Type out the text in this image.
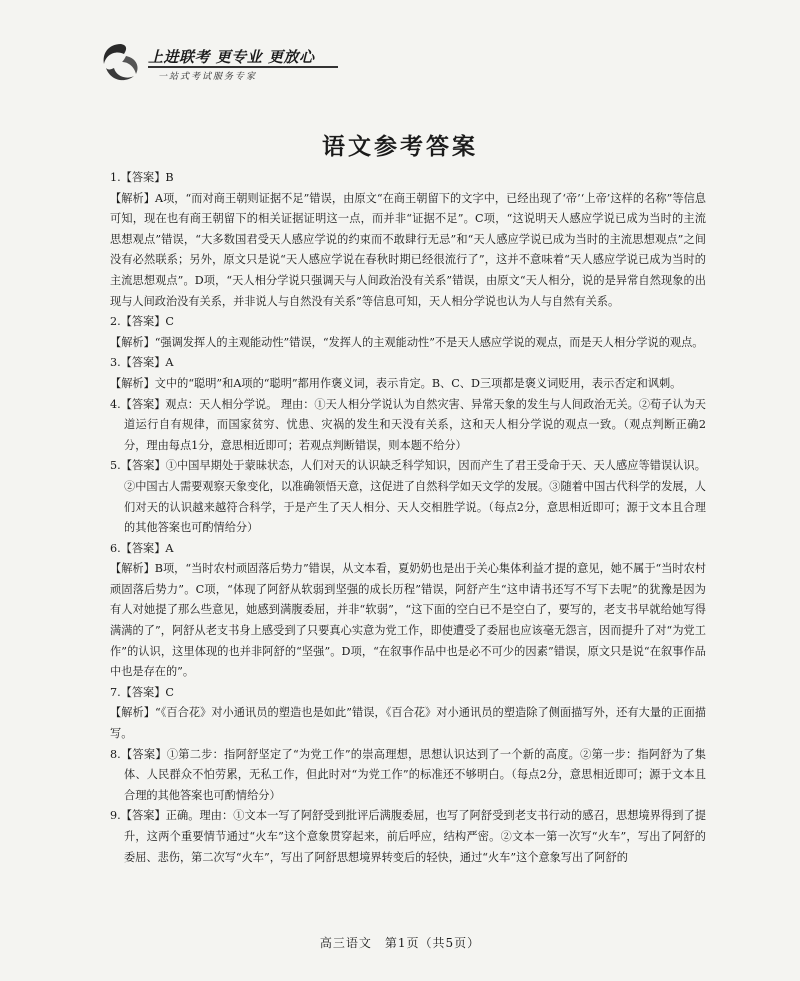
上进联考 更专业 更放心
一站式考试服务专家
语文参考答案

1.【答案】B

【解析】A项，“而对商王朝则证据不足”错误，由原文“在商王朝留下的文字中，已经出现了‘帝’‘上帝’这样的名称”等信息可知，现在也有商王朝留下的相关证据证明这一点，而并非“证据不足”。C项，“这说明天人感应学说已成为当时的主流思想观点”错误，“大多数国君受天人感应学说的约束而不敢肆行无忌”和“天人感应学说已成为当时的主流思想观点”之间没有必然联系；另外，原文只是说“天人感应学说在春秋时期已经很流行了”，这并不意味着“天人感应学说已成为当时的主流思想观点”。D项，“天人相分学说只强调天与人间政治没有关系”错误，由原文“天人相分，说的是异常自然现象的出现与人间政治没有关系，并非说人与自然没有关系”等信息可知，天人相分学说也认为人与自然有关系。

2.【答案】C

【解析】“强调发挥人的主观能动性”错误，“发挥人的主观能动性”不是天人感应学说的观点，而是天人相分学说的观点。

3.【答案】A

【解析】文中的“聪明”和A项的“聪明”都用作褒义词，表示肯定。B、C、D三项都是褒义词贬用，表示否定和讽刺。

4.【答案】观点：天人相分学说。 理由：①天人相分学说认为自然灾害、异常天象的发生与人间政治无关。②荀子认为天道运行自有规律，而国家贫穷、忧患、灾祸的发生和天没有关系，这和天人相分学说的观点一致。（观点判断正确2分，理由每点1分，意思相近即可；若观点判断错误，则本题不给分）

5.【答案】①中国早期处于蒙昧状态，人们对天的认识缺乏科学知识，因而产生了君王受命于天、天人感应等错误认识。②中国古人需要观察天象变化，以准确领悟天意，这促进了自然科学如天文学的发展。③随着中国古代科学的发展，人们对天的认识越来越符合科学，于是产生了天人相分、天人交相胜学说。（每点2分，意思相近即可；源于文本且合理的其他答案也可酌情给分）

6.【答案】A

【解析】B项，“当时农村顽固落后势力”错误，从文本看，夏奶奶也是出于关心集体利益才提的意见，她不属于“当时农村顽固落后势力”。C项，“体现了阿舒从软弱到坚强的成长历程”错误，阿舒产生“这申请书还写不写下去呢”的犹豫是因为有人对她提了那么些意见，她感到满腹委屈，并非“软弱”，“这下面的空白已不是空白了，要写的，老支书早就给她写得满满的了”，阿舒从老支书身上感受到了只要真心实意为党工作，即使遭受了委屈也应该毫无怨言，因而提升了对“为党工作”的认识，这里体现的也并非阿舒的“坚强”。D项，“在叙事作品中也是必不可少的因素”错误，原文只是说“在叙事作品中也是存在的”。

7.【答案】C

【解析】“《百合花》对小通讯员的塑造也是如此”错误，《百合花》对小通讯员的塑造除了侧面描写外，还有大量的正面描写。

8.【答案】①第二步：指阿舒坚定了“为党工作”的崇高理想，思想认识达到了一个新的高度。②第一步：指阿舒为了集体、人民群众不怕劳累，无私工作，但此时对“为党工作”的标准还不够明白。（每点2分，意思相近即可；源于文本且合理的其他答案也可酌情给分）

9.【答案】正确。理由：①文本一写了阿舒受到批评后满腹委屈，也写了阿舒受到老支书行动的感召，思想境界得到了提升，这两个重要情节通过“火车”这个意象贯穿起来，前后呼应，结构严密。②文本一第一次写“火车”，写出了阿舒的委屈、悲伤，第二次写“火车”，写出了阿舒思想境界转变后的轻快，通过“火车”这个意象写出了阿舒的

高三语文　第1页（共5页）
